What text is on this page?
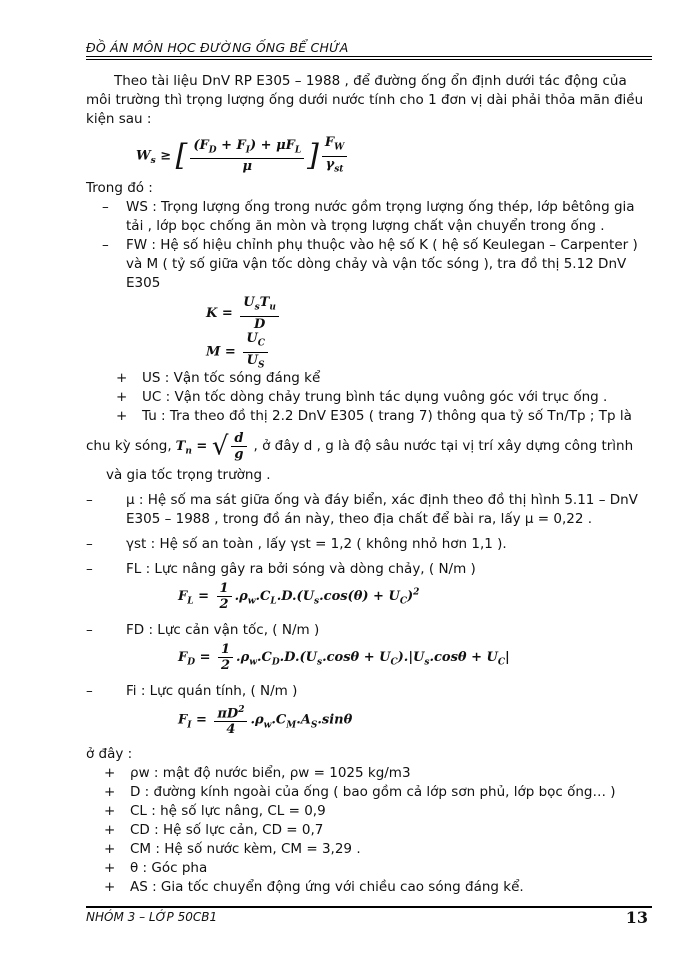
ĐỒ ÁN MÔN HỌC ĐƯỜNG ỐNG BỂ CHỨA

Theo tài liệu DnV RP E305 – 1988 , để đường ống ổn định dưới tác động của môi trường thì trọng lượng ống dưới nước tính cho 1 đơn vị dài phải thỏa mãn điều kiện sau :

$W_s$ ≥ [ $\frac{(F_D + F_I) + \mu F_L}{\mu}$ ] $\frac{F_W}{\gamma_{st}}$

Trong đó :

–	WS : Trọng lượng ống trong nước gồm trọng lượng ống thép, lớp bêtông gia tải , lớp bọc chống ăn mòn và trọng lượng chất vận chuyển trong ống .
–	FW : Hệ số hiệu chỉnh phụ thuộc vào hệ số K ( hệ số Keulegan – Carpenter ) và M ( tỷ số giữa vận tốc dòng chảy và vận tốc sóng ), tra đồ thị 5.12 DnV E305
$K = \frac{U_sT_u}{D}$
$M = \frac{U_C}{U_S}$
+	US : Vận tốc sóng đáng kể
+	UC : Vận tốc dòng chảy trung bình tác dụng vuông góc với trục ống .
+	Tu : Tra theo đồ thị 2.2 DnV E305 ( trang 7) thông qua tỷ số Tn/Tp ; Tp là
chu kỳ sóng, $T_n$ = √ $\frac{d}{g}$ , ở đây d , g là độ sâu nước tại vị trí xây dựng công trình

và gia tốc trọng trường .

–	μ : Hệ số ma sát giữa ống và đáy biển, xác định theo đồ thị hình 5.11 – DnV E305 – 1988 , trong đồ án này, theo địa chất để bài ra, lấy μ = 0,22 .
–	γst : Hệ số an toàn , lấy γst = 1,2 ( không nhỏ hơn 1,1 ).
–	FL : Lực nâng gây ra bởi sóng và dòng chảy, ( N/m )
$F_L = \frac{1}{2} .\rho_w.C_L.D.(U_s.\cos(\theta) + U_C)^2$
–	FD : Lực cản vận tốc, ( N/m )
$F_D = \frac{1}{2} .\rho_w.C_D.D.(U_s.\cos\theta + U_C).|U_s.\cos\theta + U_C|$
–	Fi : Lực quán tính, ( N/m )
$F_I = \frac{\pi D^2}{4} .\rho_w.C_M.A_S.\sin\theta$

ở đây :

+	ρw : mật độ nước biển, ρw = 1025 kg/m3
+	D : đường kính ngoài của ống ( bao gồm cả lớp sơn phủ, lớp bọc ống… )
+	CL : hệ số lực nâng, CL = 0,9
+	CD : Hệ số lực cản, CD = 0,7
+	CM : Hệ số nước kèm, CM = 3,29 .
+	θ : Góc pha
+	AS : Gia tốc chuyển động ứng với chiều cao sóng đáng kể.
NHÓM 3 – LỚP 50CB1	13
